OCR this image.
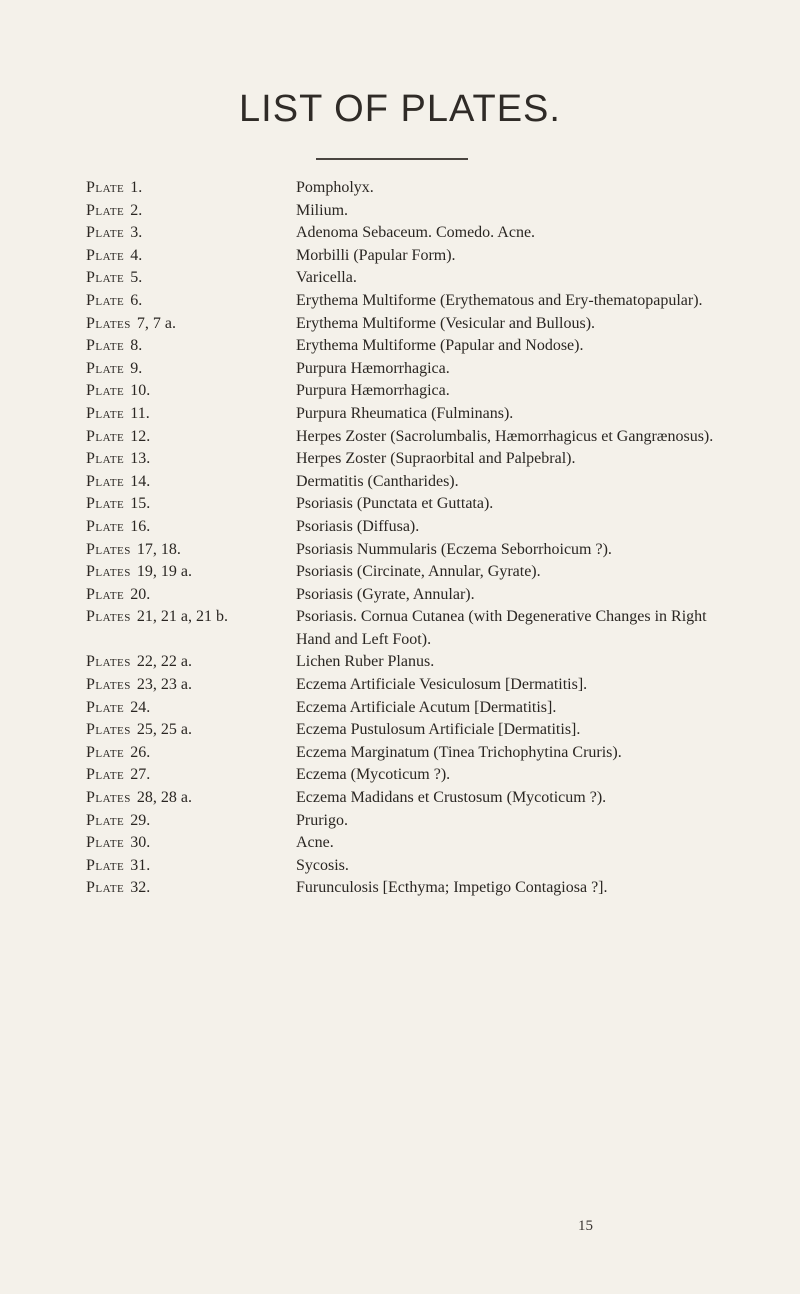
LIST OF PLATES.
Plate 1.	Pompholyx.
Plate 2.	Milium.
Plate 3.	Adenoma Sebaceum. Comedo. Acne.
Plate 4.	Morbilli (Papular Form).
Plate 5.	Varicella.
Plate 6.	Erythema Multiforme (Erythematous and Ery-thematopapular).
Plates 7, 7 a.	Erythema Multiforme (Vesicular and Bullous).
Plate 8.	Erythema Multiforme (Papular and Nodose).
Plate 9.	Purpura Hæmorrhagica.
Plate 10.	Purpura Hæmorrhagica.
Plate 11.	Purpura Rheumatica (Fulminans).
Plate 12.	Herpes Zoster (Sacrolumbalis, Hæmorrhagicus et Gangrænosus).
Plate 13.	Herpes Zoster (Supraorbital and Palpebral).
Plate 14.	Dermatitis (Cantharides).
Plate 15.	Psoriasis (Punctata et Guttata).
Plate 16.	Psoriasis (Diffusa).
Plates 17, 18.	Psoriasis Nummularis (Eczema Seborrhoicum ?).
Plates 19, 19 a.	Psoriasis (Circinate, Annular, Gyrate).
Plate 20.	Psoriasis (Gyrate, Annular).
Plates 21, 21 a, 21 b.	Psoriasis. Cornua Cutanea (with Degenerative Changes in Right Hand and Left Foot).
Plates 22, 22 a.	Lichen Ruber Planus.
Plates 23, 23 a.	Eczema Artificiale Vesiculosum [Dermatitis].
Plate 24.	Eczema Artificiale Acutum [Dermatitis].
Plates 25, 25 a.	Eczema Pustulosum Artificiale [Dermatitis].
Plate 26.	Eczema Marginatum (Tinea Trichophytina Cruris).
Plate 27.	Eczema (Mycoticum ?).
Plates 28, 28 a.	Eczema Madidans et Crustosum (Mycoticum ?).
Plate 29.	Prurigo.
Plate 30.	Acne.
Plate 31.	Sycosis.
Plate 32.	Furunculosis [Ecthyma; Impetigo Contagiosa ?].
15
